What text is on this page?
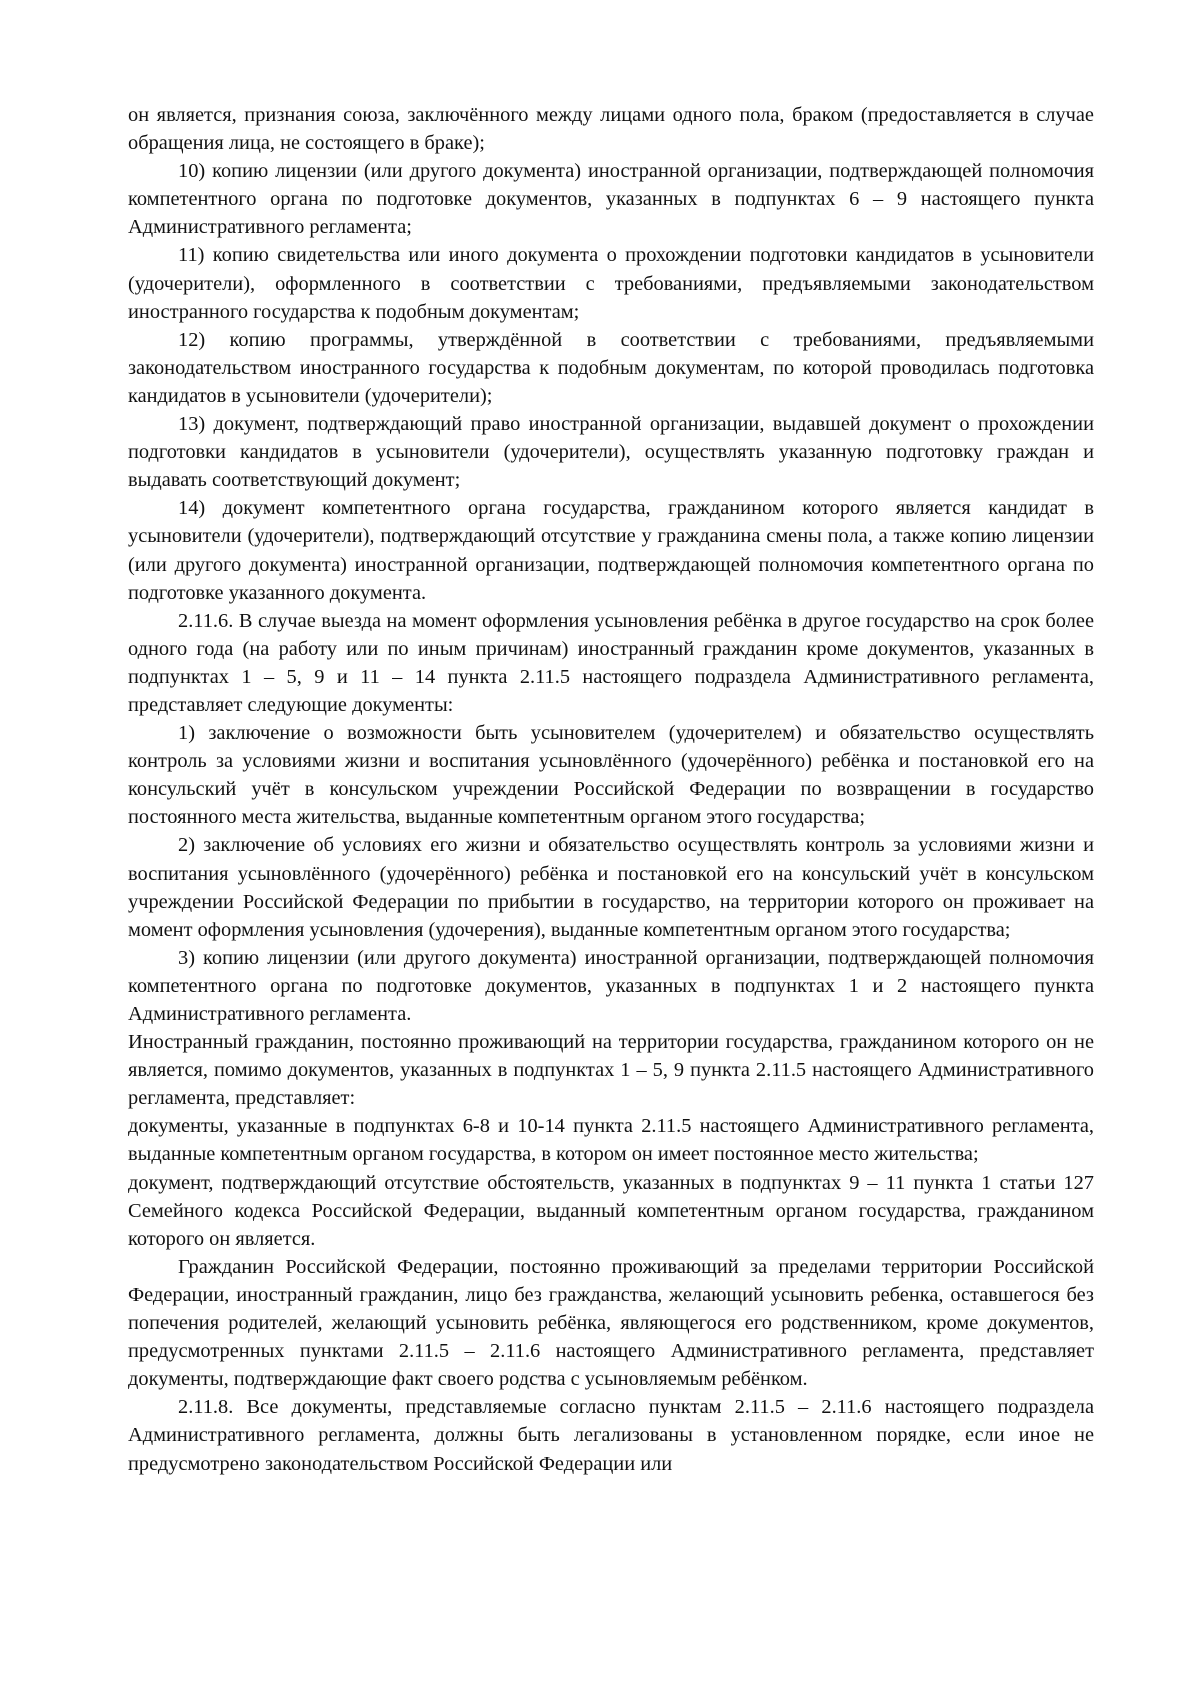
он является, признания союза, заключённого между лицами одного пола, браком (предоставляется в случае обращения лица, не состоящего в браке);

10) копию лицензии (или другого документа) иностранной организации, подтверждающей полномочия компетентного органа по подготовке документов, указанных в подпунктах 6 – 9 настоящего пункта Административного регламента;

11) копию свидетельства или иного документа о прохождении подготовки кандидатов в усыновители (удочерители), оформленного в соответствии с требованиями, предъявляемыми законодательством иностранного государства к подобным документам;

12) копию программы, утверждённой в соответствии с требованиями, предъявляемыми законодательством иностранного государства к подобным документам, по которой проводилась подготовка кандидатов в усыновители (удочерители);

13) документ, подтверждающий право иностранной организации, выдавшей документ о прохождении подготовки кандидатов в усыновители (удочерители), осуществлять указанную подготовку граждан и выдавать соответствующий документ;

14) документ компетентного органа государства, гражданином которого является кандидат в усыновители (удочерители), подтверждающий отсутствие у гражданина смены пола, а также копию лицензии (или другого документа) иностранной организации, подтверждающей полномочия компетентного органа по подготовке указанного документа.

2.11.6. В случае выезда на момент оформления усыновления ребёнка в другое государство на срок более одного года (на работу или по иным причинам) иностранный гражданин кроме документов, указанных в подпунктах 1 – 5, 9 и 11 – 14 пункта 2.11.5 настоящего подраздела Административного регламента, представляет следующие документы:

1) заключение о возможности быть усыновителем (удочерителем) и обязательство осуществлять контроль за условиями жизни и воспитания усыновлённого (удочерённого) ребёнка и постановкой его на консульский учёт в консульском учреждении Российской Федерации по возвращении в государство постоянного места жительства, выданные компетентным органом этого государства;

2) заключение об условиях его жизни и обязательство осуществлять контроль за условиями жизни и воспитания усыновлённого (удочерённого) ребёнка и постановкой его на консульский учёт в консульском учреждении Российской Федерации по прибытии в государство, на территории которого он проживает на момент оформления усыновления (удочерения), выданные компетентным органом этого государства;

3) копию лицензии (или другого документа) иностранной организации, подтверждающей полномочия компетентного органа по подготовке документов, указанных в подпунктах 1 и 2 настоящего пункта Административного регламента.

Иностранный гражданин, постоянно проживающий на территории государства, гражданином которого он не является, помимо документов, указанных в подпунктах 1 – 5, 9 пункта 2.11.5 настоящего Административного регламента, представляет:

документы, указанные в подпунктах 6-8 и 10-14 пункта 2.11.5 настоящего Административного регламента, выданные компетентным органом государства, в котором он имеет постоянное место жительства;

документ, подтверждающий отсутствие обстоятельств, указанных в подпунктах 9 – 11 пункта 1 статьи 127 Семейного кодекса Российской Федерации, выданный компетентным органом государства, гражданином которого он является.

Гражданин Российской Федерации, постоянно проживающий за пределами территории Российской Федерации, иностранный гражданин, лицо без гражданства, желающий усыновить ребенка, оставшегося без попечения родителей, желающий усыновить ребёнка, являющегося его родственником, кроме документов, предусмотренных пунктами 2.11.5 – 2.11.6 настоящего Административного регламента, представляет документы, подтверждающие факт своего родства с усыновляемым ребёнком.

2.11.8. Все документы, представляемые согласно пунктам 2.11.5 – 2.11.6 настоящего подраздела Административного регламента, должны быть легализованы в установленном порядке, если иное не предусмотрено законодательством Российской Федерации или
